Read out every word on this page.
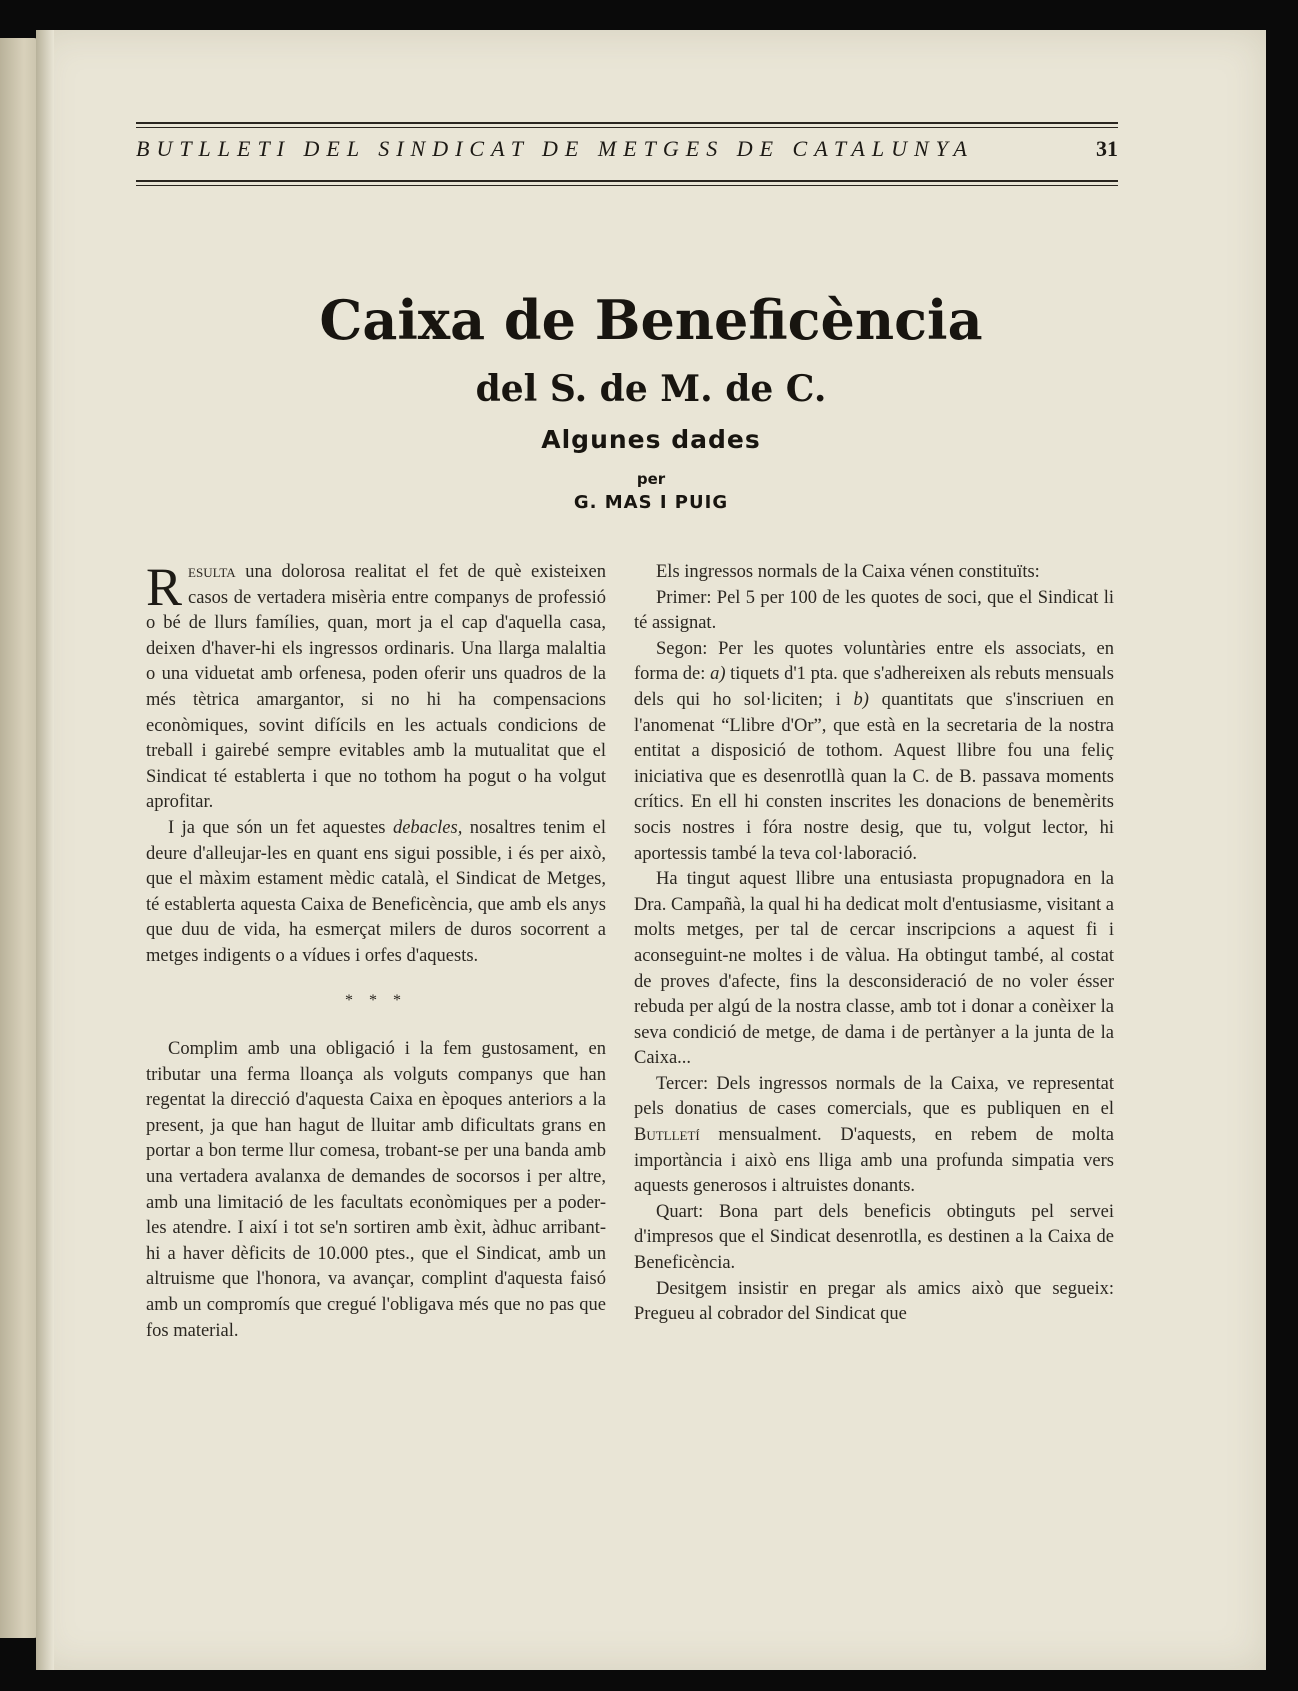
BUTLLETI DEL SINDICAT DE METGES DE CATALUNYA	31
Caixa de Beneficència
del S. de M. de C.
Algunes dades
per
G. MAS I PUIG

Resulta una dolorosa realitat el fet de què existeixen casos de vertadera misèria entre companys de professió o bé de llurs famílies, quan, mort ja el cap d'aquella casa, deixen d'haver-hi els ingressos ordinaris. Una llarga malaltia o una viduetat amb orfenesa, poden oferir uns quadros de la més tètrica amargantor, si no hi ha compensacions econòmiques, sovint difícils en les actuals condicions de treball i gairebé sempre evitables amb la mutualitat que el Sindicat té establerta i que no tothom ha pogut o ha volgut aprofitar.

I ja que són un fet aquestes debacles, nosaltres tenim el deure d'alleujar-les en quant ens sigui possible, i és per això, que el màxim estament mèdic català, el Sindicat de Metges, té establerta aquesta Caixa de Beneficència, que amb els anys que duu de vida, ha esmerçat milers de duros socorrent a metges indigents o a vídues i orfes d'aquests.

* * *

Complim amb una obligació i la fem gustosament, en tributar una ferma lloança als volguts companys que han regentat la direcció d'aquesta Caixa en èpoques anteriors a la present, ja que han hagut de lluitar amb dificultats grans en portar a bon terme llur comesa, trobant-se per una banda amb una vertadera avalanxa de demandes de socorsos i per altre, amb una limitació de les facultats econòmiques per a poder-les atendre. I així i tot se'n sortiren amb èxit, àdhuc arribant-hi a haver dèficits de 10.000 ptes., que el Sindicat, amb un altruisme que l'honora, va avançar, complint d'aquesta faisó amb un compromís que cregué l'obligava més que no pas que fos material.

Els ingressos normals de la Caixa vénen constituïts:

Primer: Pel 5 per 100 de les quotes de soci, que el Sindicat li té assignat.

Segon: Per les quotes voluntàries entre els associats, en forma de: a) tiquets d'1 pta. que s'adhereixen als rebuts mensuals dels qui ho sol·liciten; i b) quantitats que s'inscriuen en l'anomenat “Llibre d'Or”, que està en la secretaria de la nostra entitat a disposició de tothom. Aquest llibre fou una feliç iniciativa que es desenrotllà quan la C. de B. passava moments crítics. En ell hi consten inscrites les donacions de benemèrits socis nostres i fóra nostre desig, que tu, volgut lector, hi aportessis també la teva col·laboració.

Ha tingut aquest llibre una entusiasta propugnadora en la Dra. Campañà, la qual hi ha dedicat molt d'entusiasme, visitant a molts metges, per tal de cercar inscripcions a aquest fi i aconseguint-ne moltes i de vàlua. Ha obtingut també, al costat de proves d'afecte, fins la desconsideració de no voler ésser rebuda per algú de la nostra classe, amb tot i donar a conèixer la seva condició de metge, de dama i de pertànyer a la junta de la Caixa...

Tercer: Dels ingressos normals de la Caixa, ve representat pels donatius de cases comercials, que es publiquen en el Butlletí mensualment. D'aquests, en rebem de molta importància i això ens lliga amb una profunda simpatia vers aquests generosos i altruistes donants.

Quart: Bona part dels beneficis obtinguts pel servei d'impresos que el Sindicat desenrotlla, es destinen a la Caixa de Beneficència.

Desitgem insistir en pregar als amics això que segueix: Pregueu al cobrador del Sindicat que
